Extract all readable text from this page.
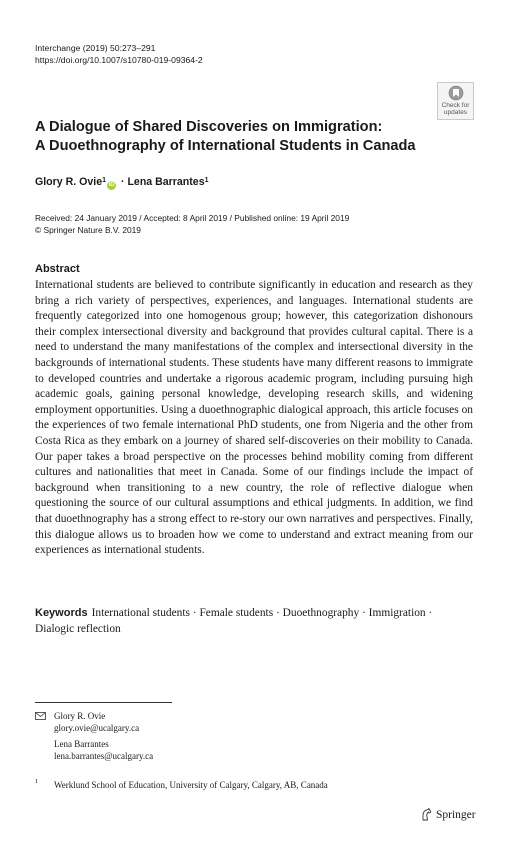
Interchange (2019) 50:273–291
https://doi.org/10.1007/s10780-019-09364-2
Check for
updates
A Dialogue of Shared Discoveries on Immigration:
A Duoethnography of International Students in Canada
Glory R. Ovie$^1$iD · Lena Barrantes$^1$
Received: 24 January 2019 / Accepted: 8 April 2019 / Published online: 19 April 2019
© Springer Nature B.V. 2019
Abstract
International students are believed to contribute significantly in education and research as they bring a rich variety of perspectives, experiences, and languages. International students are frequently categorized into one homogenous group; however, this categorization dishonours their complex intersectional diversity and background that provides cultural capital. There is a need to understand the many manifestations of the complex and intersectional diversity in the backgrounds of international students. These students have many different reasons to immigrate to developed countries and undertake a rigorous academic program, including pursuing high academic goals, gaining personal knowledge, developing research skills, and widening employment opportunities. Using a duoethnographic dialogical approach, this article focuses on the experiences of two female international PhD students, one from Nigeria and the other from Costa Rica as they embark on a journey of shared self-discoveries on their mobility to Canada. Our paper takes a broad perspective on the processes behind mobility coming from different cultures and nationalities that meet in Canada. Some of our findings include the impact of background when transitioning to a new country, the role of reflective dialogue when questioning the source of our cultural assumptions and ethical judgments. In addition, we find that duoethnography has a strong effect to re-story our own narratives and perspectives. Finally, this dialogue allows us to broaden how we come to understand and extract meaning from our experiences as international students.
Keywords International students · Female students · Duoethnography · Immigration · Dialogic reflection
Glory R. Ovie
glory.ovie@ucalgary.ca
Lena Barrantes
lena.barrantes@ucalgary.ca
1 Werklund School of Education, University of Calgary, Calgary, AB, Canada
Springer
